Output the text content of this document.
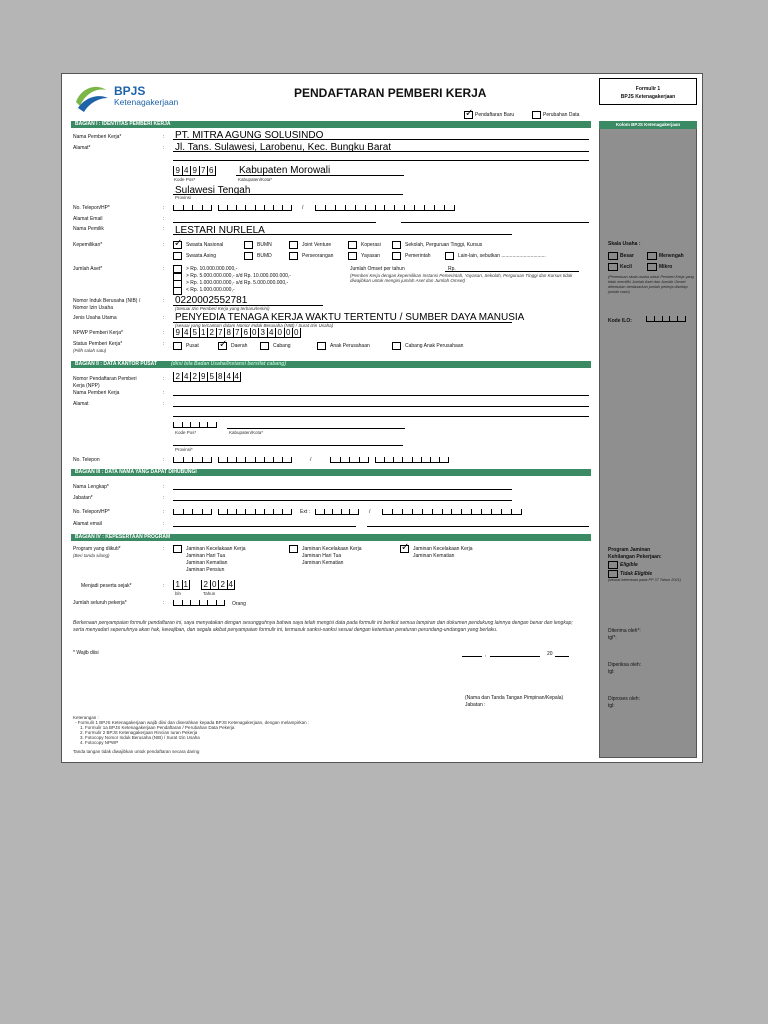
BPJS
Ketenagakerjaan
PENDAFTARAN PEMBERI KERJA	Formulir 1
BPJS Ketenagakerjaan
✓ Pendaftaran Baru	Perubahan Data
Kolom BPJS Ketenagakerjaan
BAGIAN I : IDENTITAS PEMBERI KERJA
Nama Pemberi Kerja*	: PT. MITRA AGUNG SOLUSINDO
Alamat*	: Jl. Tans. Sulawesi, Larobenu, Kec. Bungku Barat
9 4 9 7 6
Kode Pos*
Kabupaten Morowali
Kabupaten/Kota*
Sulawesi Tengah
Provinsi
No. Telepon/HP*	:	/
Alamat Email	:
Nama Pemilik	: LESTARI NURLELA
Kepemilikan*	: ✓ Swasta Nasional	BUMN	Joint Venture	Koperasi	Sekolah, Perguruan Tinggi, Kursus
Swasta Asing	BUMD	Perseorangan	Yayasan	Pemerintah	Lain-lain, sebutkan ................................
Jumlah Aset*	:	> Rp. 10.000.000.000,-
> Rp. 5.000.000.000,- s/d Rp. 10.000.000.000,-
> Rp. 1.000.000.000,- s/d Rp. 5.000.000.000,-
< Rp. 1.000.000.000,-
Jumlah Omset per tahun	Rp.
(Pemberi Kerja dengan kepemilikan Instansi Pemerintah, Yayasan, Sekolah, Perguruan Tinggi dan Kursus tidak diwajibkan untuk mengisi jumlah Aset dan Jumlah Omset)
Nomor Induk Berusaha (NIB) /
Nomor Izin Usaha
: 0220002552781
(Sesuai Izin Pemberi Kerja yang terbaru/terkini)
Jenis Usaha Utama	: PENYEDIA TENAGA KERJA WAKTU TERTENTU / SUMBER DAYA MANUSIA
(sesuai yang tercantum dalam Nomor Induk Berusaha (NIB) / Surat Izin Usaha)
NPWP Pemberi Kerja*	:	9 4 5 1 2 7 8 7 6 0 3 4 0 0 0
Status Pemberi Kerja*
(Pilih salah satu)
:	Pusat ✓ Daerah	Cabang	Anak Perusahaan	Cabang Anak Perusahaan
BAGIAN II : DATA KANTOR PUSAT	(diisi bila Badan Usaha/Instansi bersifat cabang)
Nomor Pendaftaran Pemberi
Kerja (NPP)
:	2 4 2 9 5 8 4 4
Nama Pemberi Kerja	:
Alamat	:
Kode Pos*	Kabupaten/Kota*
Provinsi*
No. Telepon	:	/
BAGIAN III : DATA NAMA YANG DAPAT DIHUBUNGI
Nama Lengkap*	:
Jabatan*	:
No. Telepon/HP*	:	Ext :	/
Alamat email	:
BAGIAN IV : KEPESERTAAN PROGRAM
Program yang diikuti*
(Beri tanda silang)
:	Jaminan Kecelakaan Kerja
Jaminan Hari Tua
Jaminan Kematian
Jaminan Pensiun
Jaminan Kecelakaan Kerja
Jaminan Hari Tua
Jaminan Kematian
✓ Jaminan Kecelakaan Kerja
Jaminan Kematian
Menjadi peserta sejak*	:	1 1
bln
2 0 2 4
Tahun
Jumlah seluruh pekerja*	:	Orang
Berkenaan penyampaian formulir pendaftaran ini, saya menyatakan dengan sesungguhnya bahwa saya telah mengisi data pada formulir ini berikut semua lampiran dan dokumen pendukung lainnya dengan benar dan lengkap; serta menyadari sepenuhnya akan hak, kewajiban, dan segala akibat penyampaian formulir ini, termasuk sanksi-sanksi sesuai dengan ketentuan peraturan perundang-undangan yang berlaku.
* Wajib diisi	,	20
(Nama dan Tanda Tangan Pimpinan/Kepala)
Jabatan :
Keterangan :
- Formulir 1 BPJS Ketenagakerjaan wajib diisi dan diserahkan kepada BPJS Ketenagakerjaan, dengan melampirkan :
1. Formulir 1a BPJS Ketenagakerjaan Pendaftaran / Perubahan Data Pekerja
2. Formulir 2 BPJS Ketenagakerjaan Rincian Iuran Pekerja
3. Fotocopy Nomor Induk Berusaha (NIB) / Surat Izin Usaha
4. Fotocopy NPWP
Tanda tangan tidak diwajibkan untuk pendaftaran secara daring
Skala Usaha :
Besar	Menengah
Kecil	Mikro
(Penentuan skala usaha untuk Pemberi Kerja yang tidak memiliki Jumlah Aset dan Jumlah Omset ditentukan berdasarkan jumlah pekerja disetiap jumlah rasio)
Kode ILO:
Program Jaminan
Kehilangan Pekerjaan:
Eligible
Tidak Eligible
(sesuai ketentuan pada PP 37 Tahun 2021)
Diterima oleh*:
tgl*:
Diperiksa oleh:
tgl:
Diproses oleh:
tgl:
